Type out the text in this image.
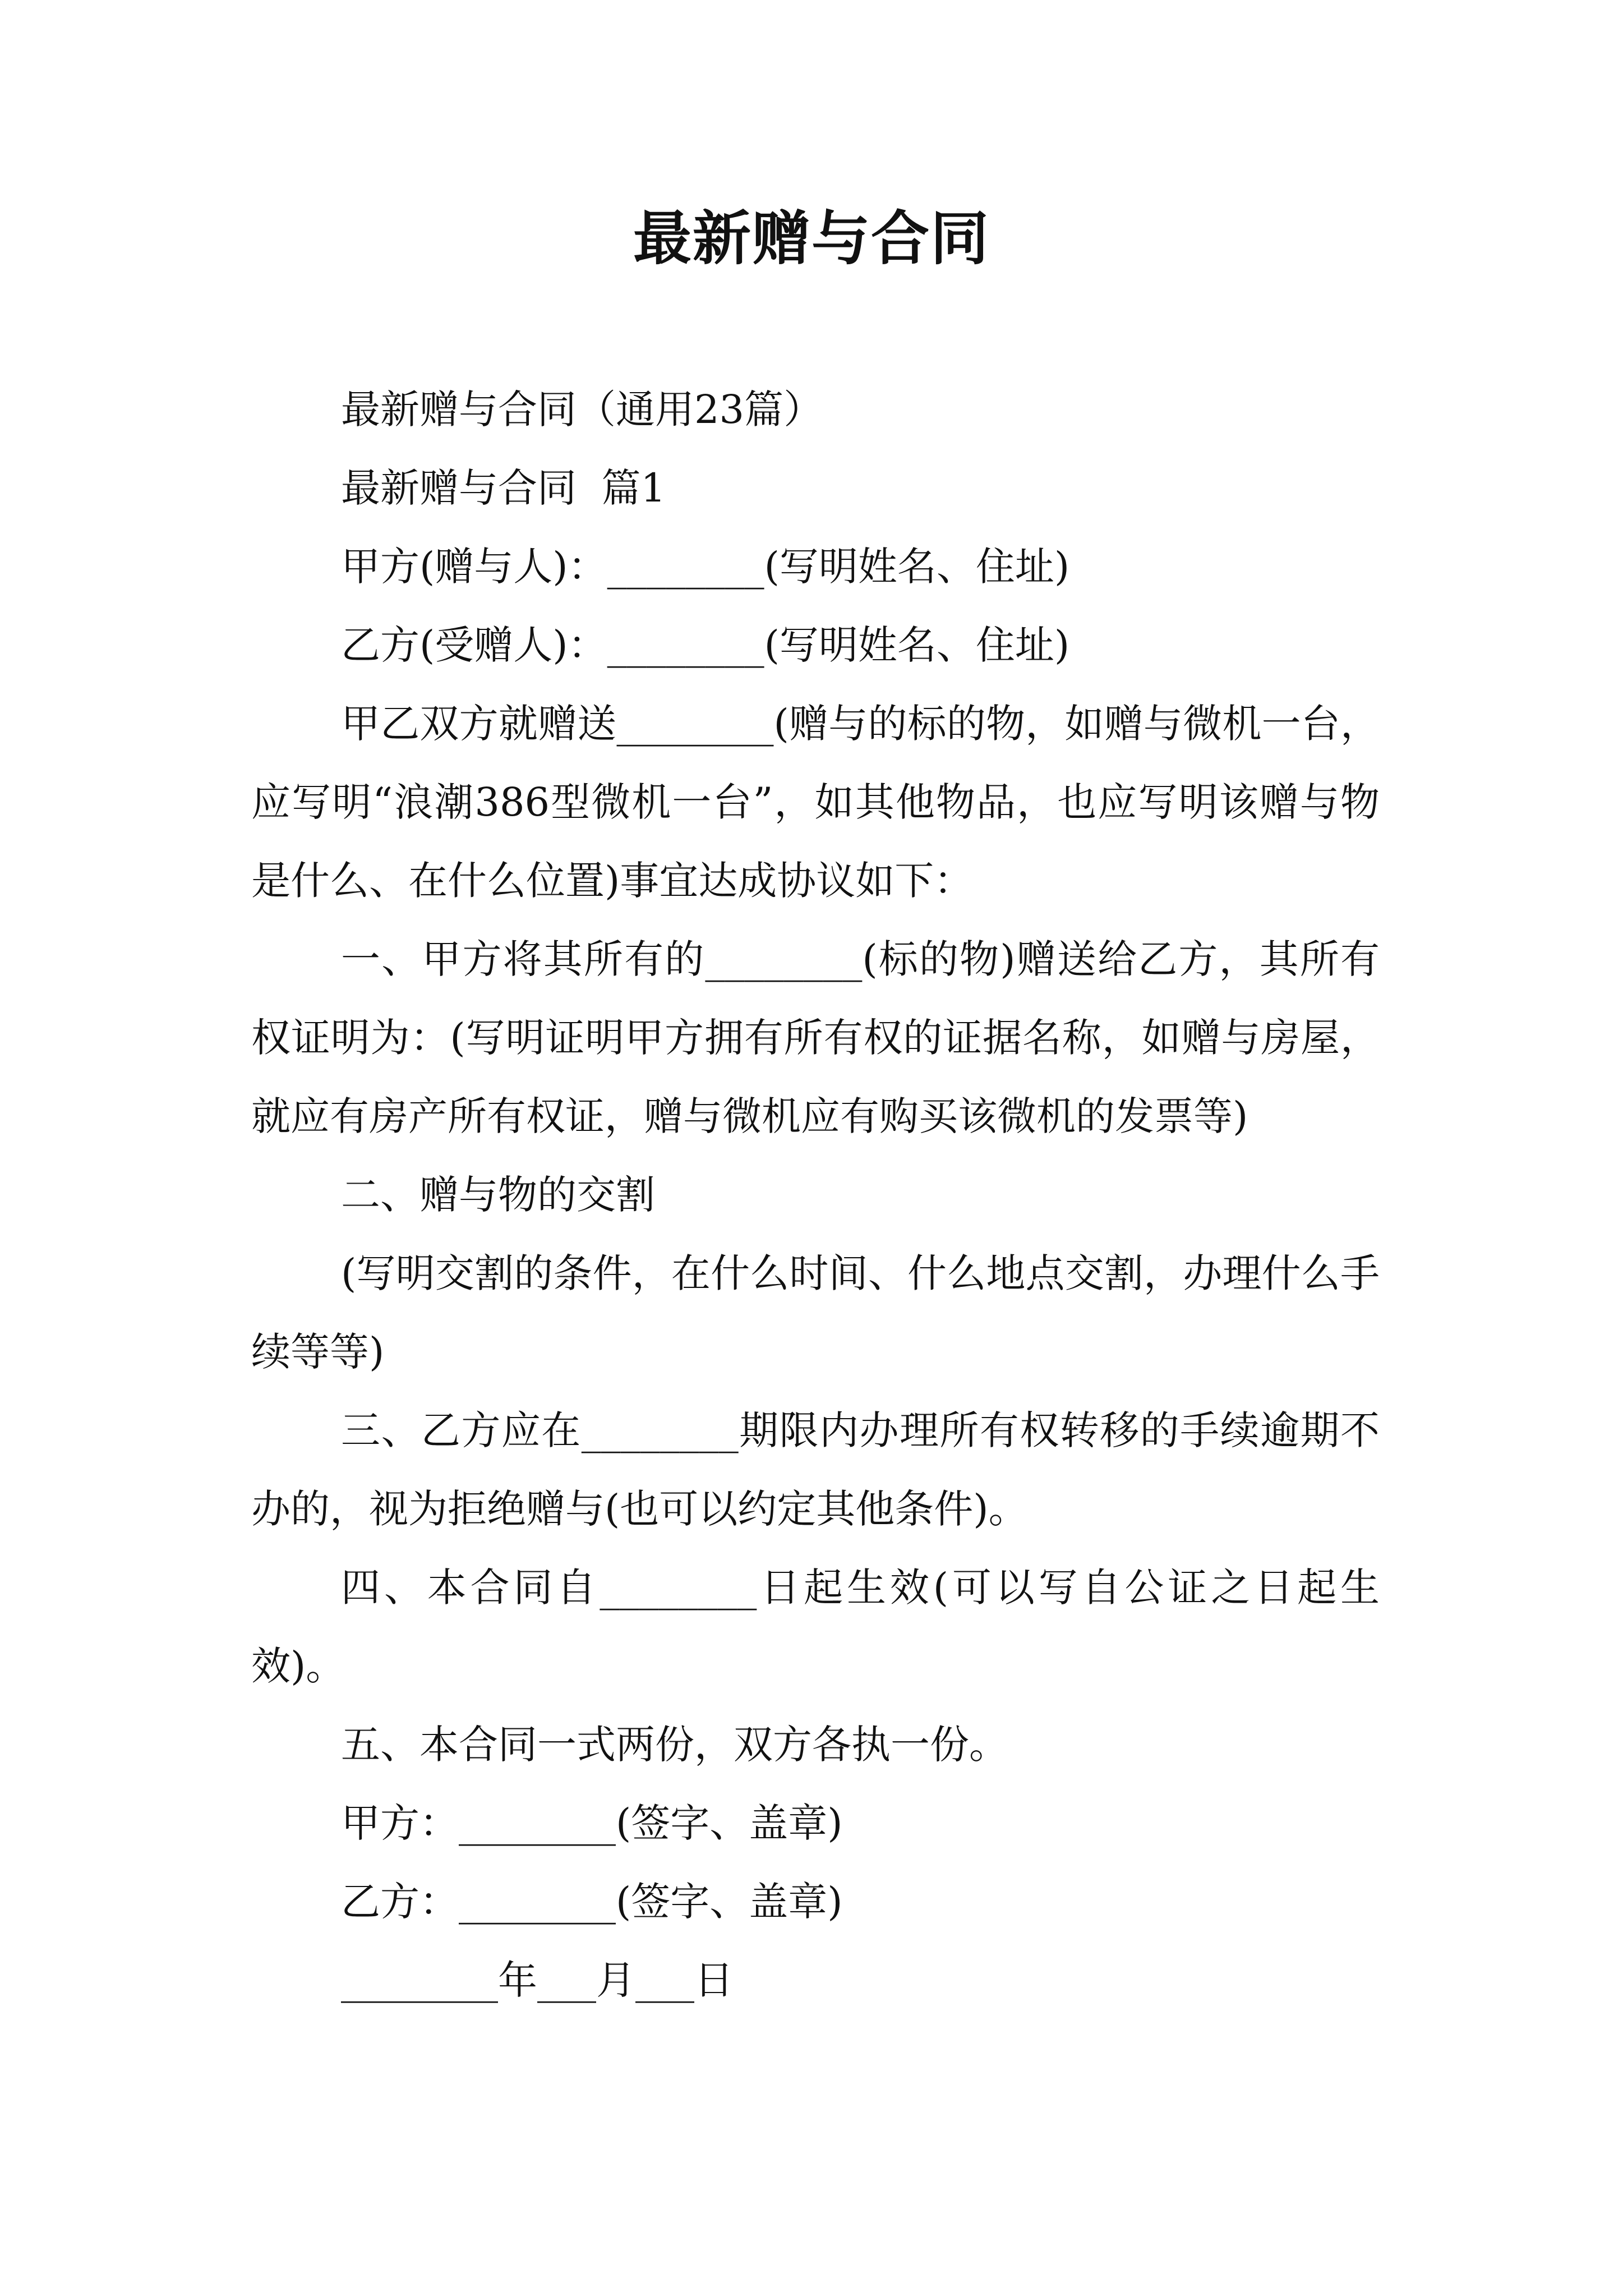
最新赠与合同

最新赠与合同（通用23篇）

最新赠与合同  篇1

甲方(赠与人)：________(写明姓名、住址)

乙方(受赠人)：________(写明姓名、住址)

甲乙双方就赠送________(赠与的标的物，如赠与微机一台，应写明“浪潮386型微机一台”，如其他物品，也应写明该赠与物是什么、在什么位置)事宜达成协议如下：

一、甲方将其所有的________(标的物)赠送给乙方，其所有权证明为：(写明证明甲方拥有所有权的证据名称，如赠与房屋，就应有房产所有权证，赠与微机应有购买该微机的发票等)

二、赠与物的交割

(写明交割的条件，在什么时间、什么地点交割，办理什么手续等等)

三、乙方应在________期限内办理所有权转移的手续逾期不办的，视为拒绝赠与(也可以约定其他条件)。

四、本合同自________日起生效(可以写自公证之日起生效)。

五、本合同一式两份，双方各执一份。

甲方：________(签字、盖章)

乙方：________(签字、盖章)

________年___月___日
